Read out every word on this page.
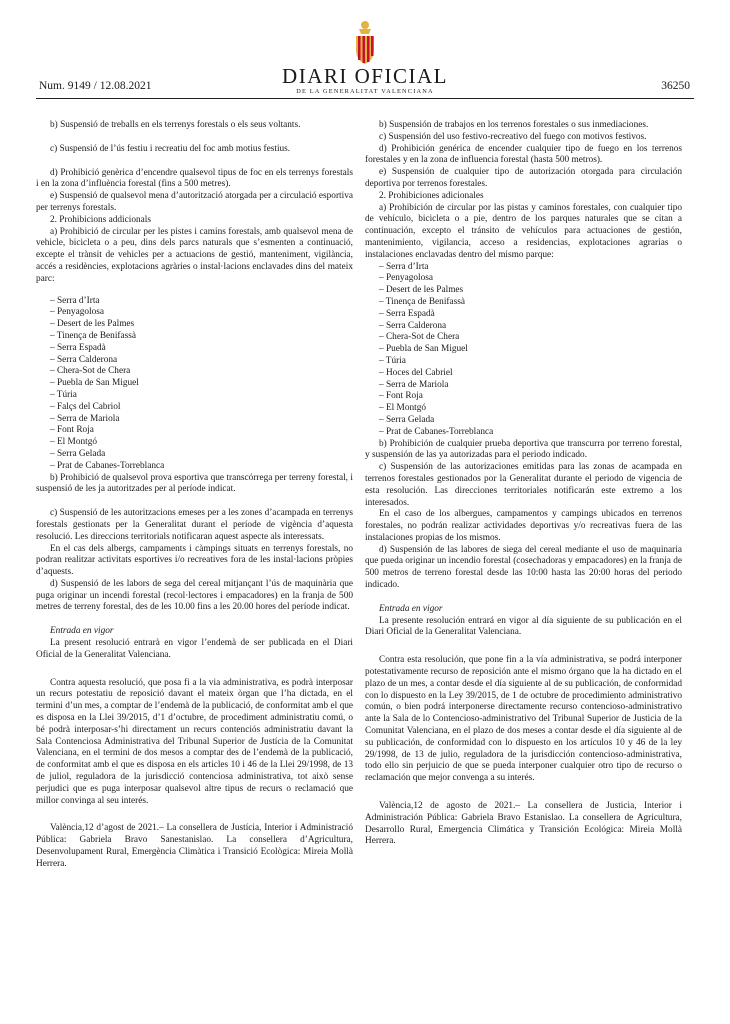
Num. 9149 / 12.08.2021	DIARI OFICIAL
DE LA GENERALITAT VALENCIANA	36250

b) Suspensió de treballs en els terrenys forestals o els seus voltants.

c) Suspensió de l’ús festiu i recreatiu del foc amb motius festius.

d) Prohibició genèrica d’encendre qualsevol tipus de foc en els terrenys forestals i en la zona d’influència forestal (fins a 500 metres).

e) Suspensió de qualsevol mena d’autorització atorgada per a circulació esportiva per terrenys forestals.

2. Prohibicions addicionals

a) Prohibició de circular per les pistes i camins forestals, amb qualsevol mena de vehicle, bicicleta o a peu, dins dels parcs naturals que s’esmenten a continuació, excepte el trànsit de vehicles per a actuacions de gestió, manteniment, vigilància, accés a residències, explotacions agràries o instal·lacions enclavades dins del mateix parc:

– Serra d’Irta
– Penyagolosa
– Desert de les Palmes
– Tinença de Benifassà
– Serra Espadà
– Serra Calderona
– Chera-Sot de Chera
– Puebla de San Miguel
– Túria
– Falçs del Cabriol
– Serra de Mariola
– Font Roja
– El Montgó
– Serra Gelada
– Prat de Cabanes-Torreblanca

b) Prohibició de qualsevol prova esportiva que transcórrega per terreny forestal, i suspensió de les ja autoritzades per al període indicat.

c) Suspensió de les autoritzacions emeses per a les zones d’acampada en terrenys forestals gestionats per la Generalitat durant el període de vigència d’aquesta resolució. Les direccions territorials notificaran aquest aspecte als interessats.

En el cas dels albergs, campaments i càmpings situats en terrenys forestals, no podran realitzar activitats esportives i/o recreatives fora de les instal·lacions pròpies d’aquests.

d) Suspensió de les labors de sega del cereal mitjançant l’ús de maquinària que puga originar un incendi forestal (recol·lectores i empacadores) en la franja de 500 metres de terreny forestal, des de les 10.00 fins a les 20.00 hores del període indicat.

Entrada en vigor

La present resolució entrarà en vigor l’endemà de ser publicada en el Diari Oficial de la Generalitat Valenciana.

Contra aquesta resolució, que posa fi a la via administrativa, es podrà interposar un recurs potestatiu de reposició davant el mateix òrgan que l’ha dictada, en el termini d’un mes, a comptar de l’endemà de la publicació, de conformitat amb el que es disposa en la Llei 39/2015, d’1 d’octubre, de procediment administratiu comú, o bé podrà interposar-s’hi directament un recurs contenciós administratiu davant la Sala Contenciosa Administrativa del Tribunal Superior de Justícia de la Comunitat Valenciana, en el termini de dos mesos a comptar des de l’endemà de la publicació, de conformitat amb el que es disposa en els articles 10 i 46 de la Llei 29/1998, de 13 de juliol, reguladora de la jurisdicció contenciosa administrativa, tot això sense perjudici que es puga interposar qualsevol altre tipus de recurs o reclamació que millor convinga al seu interés.

València,12 d’agost de 2021.– La consellera de Justícia, Interior i Administració Pública: Gabriela Bravo Sanestanislao. La consellera d’Agricultura, Desenvolupament Rural, Emergència Climàtica i Transició Ecològica: Mireia Mollà Herrera.

b) Suspensión de trabajos en los terrenos forestales o sus inmediaciones.

c) Suspensión del uso festivo-recreativo del fuego con motivos festivos.

d) Prohibición genérica de encender cualquier tipo de fuego en los terrenos forestales y en la zona de influencia forestal (hasta 500 metros).

e) Suspensión de cualquier tipo de autorización otorgada para circulación deportiva por terrenos forestales.

2. Prohibiciones adicionales

a) Prohibición de circular por las pistas y caminos forestales, con cualquier tipo de vehículo, bicicleta o a pie, dentro de los parques naturales que se citan a continuación, excepto el tránsito de vehículos para actuaciones de gestión, mantenimiento, vigilancia, acceso a residencias, explotaciones agrarias o instalaciones enclavadas dentro del mismo parque:

– Serra d’Irta
– Penyagolosa
– Desert de les Palmes
– Tinença de Benifassà
– Serra Espadà
– Serra Calderona
– Chera-Sot de Chera
– Puebla de San Miguel
– Túria
– Hoces del Cabriel
– Serra de Mariola
– Font Roja
– El Montgó
– Serra Gelada
– Prat de Cabanes-Torreblanca

b) Prohibición de cualquier prueba deportiva que transcurra por terreno forestal, y suspensión de las ya autorizadas para el periodo indicado.

c) Suspensión de las autorizaciones emitidas para las zonas de acampada en terrenos forestales gestionados por la Generalitat durante el periodo de vigencia de esta resolución. Las direcciones territoriales notificarán este extremo a los interesados.

En el caso de los albergues, campamentos y campings ubicados en terrenos forestales, no podrán realizar actividades deportivas y/o recreativas fuera de las instalaciones propias de los mismos.

d) Suspensión de las labores de siega del cereal mediante el uso de maquinaria que pueda originar un incendio forestal (cosechadoras y empacadores) en la franja de 500 metros de terreno forestal desde las 10:00 hasta las 20:00 horas del periodo indicado.

Entrada en vigor

La presente resolución entrará en vigor al día siguiente de su publicación en el Diari Oficial de la Generalitat Valenciana.

Contra esta resolución, que pone fin a la vía administrativa, se podrá interponer potestativamente recurso de reposición ante el mismo órgano que la ha dictado en el plazo de un mes, a contar desde el día siguiente al de su publicación, de conformidad con lo dispuesto en la Ley 39/2015, de 1 de octubre de procedimiento administrativo común, o bien podrá interponerse directamente recurso contencioso-administrativo ante la Sala de lo Contencioso-administrativo del Tribunal Superior de Justicia de la Comunitat Valenciana, en el plazo de dos meses a contar desde el día siguiente al de su publicación, de conformidad con lo dispuesto en los artículos 10 y 46 de la ley 29/1998, de 13 de julio, reguladora de la jurisdicción contencioso-administrativa, todo ello sin perjuicio de que se pueda interponer cualquier otro tipo de recurso o reclamación que mejor convenga a su interés.

València,12 de agosto de 2021.– La consellera de Justicia, Interior i Administración Pública: Gabriela Bravo Estanislao. La consellera de Agricultura, Desarrollo Rural, Emergencia Climática y Transición Ecológica: Mireia Mollà Herrera.
